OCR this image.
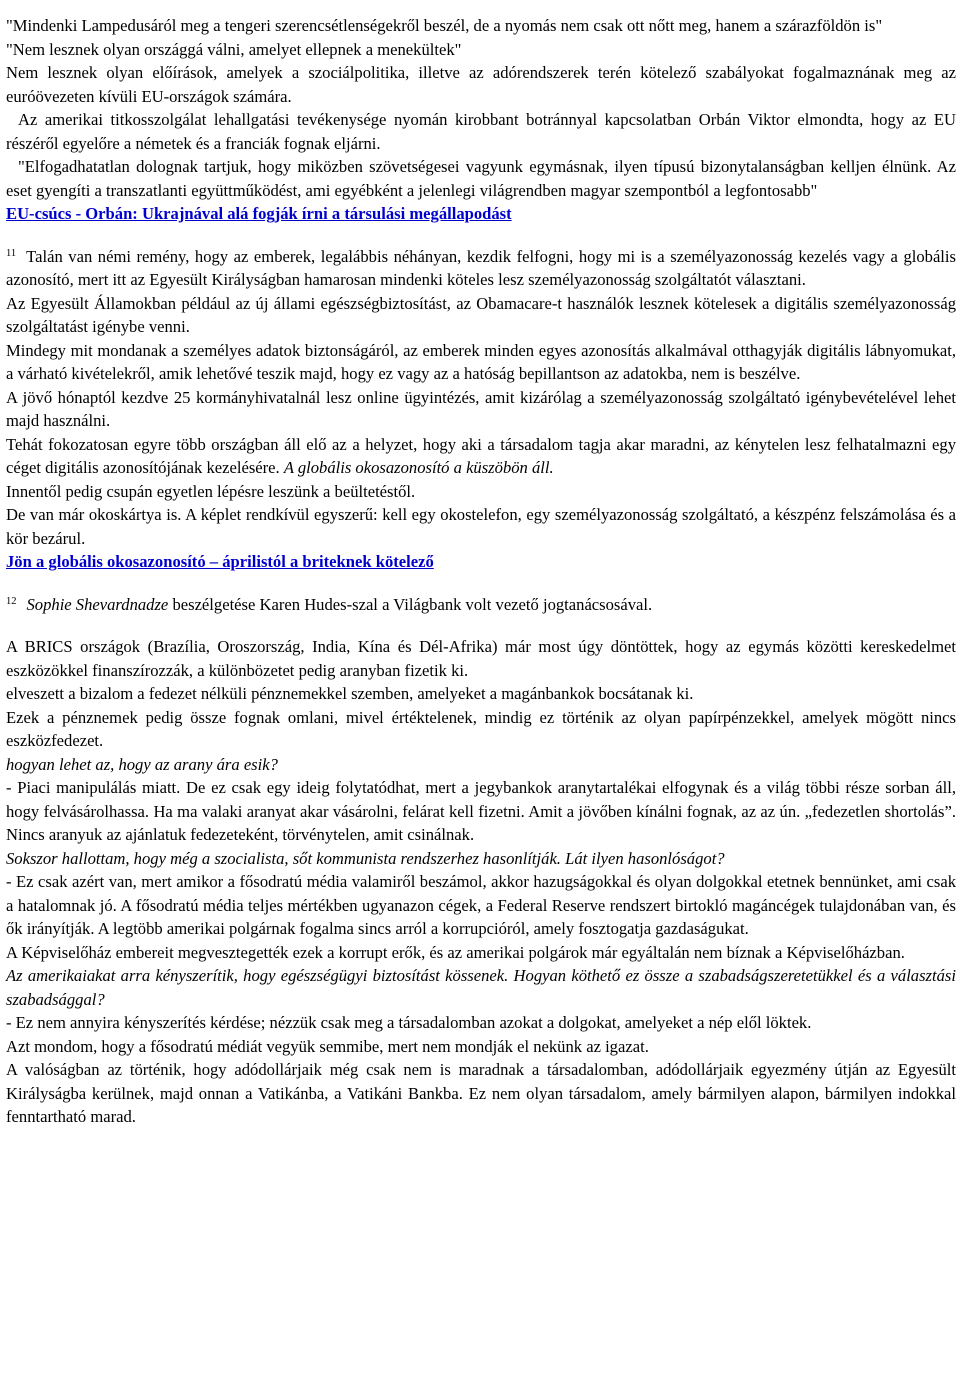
"Mindenki Lampedusáról meg a tengeri szerencsétlenségekről beszél, de a nyomás nem csak ott nőtt meg, hanem a szárazföldön is"

"Nem lesznek olyan országgá válni, amelyet ellepnek a menekültek"

Nem lesznek olyan előírások, amelyek a szociálpolitika, illetve az adórendszerek terén kötelező szabályokat fogalmaznának meg az euróövezeten kívüli EU-országok számára.

Az amerikai titkosszolgálat lehallgatási tevékenysége nyomán kirobbant botránnyal kapcsolatban Orbán Viktor elmondta, hogy az EU részéről egyelőre a németek és a franciák fognak eljárni.

"Elfogadhatatlan dolognak tartjuk, hogy miközben szövetségesei vagyunk egymásnak, ilyen típusú bizonytalanságban kelljen élnünk. Az eset gyengíti a transzatlanti együttműködést, ami egyébként a jelenlegi világrendben magyar szempontból a legfontosabb"

EU-csúcs - Orbán: Ukrajnával alá fogják írni a társulási megállapodást

$^{11}$ Talán van némi remény, hogy az emberek, legalábbis néhányan, kezdik felfogni, hogy mi is a személyazonosság kezelés vagy a globális azonosító, mert itt az Egyesült Királyságban hamarosan mindenki köteles lesz személyazonosság szolgáltatót választani.

Az Egyesült Államokban például az új állami egészségbiztosítást, az Obamacare-t használók lesznek kötelesek a digitális személyazonosság szolgáltatást igénybe venni.

Mindegy mit mondanak a személyes adatok biztonságáról, az emberek minden egyes azonosítás alkalmával otthagyják digitális lábnyomukat, a várható kivételekről, amik lehetővé teszik majd, hogy ez vagy az a hatóság bepillantson az adatokba, nem is beszélve.

A jövő hónaptól kezdve 25 kormányhivatalnál lesz online ügyintézés, amit kizárólag a személyazonosság szolgáltató igénybevételével lehet majd használni.

Tehát fokozatosan egyre több országban áll elő az a helyzet, hogy aki a társadalom tagja akar maradni, az kénytelen lesz felhatalmazni egy céget digitális azonosítójának kezelésére. A globális okosazonosító a küszöbön áll.

Innentől pedig csupán egyetlen lépésre leszünk a beültetéstől.

De van már okoskártya is. A képlet rendkívül egyszerű: kell egy okostelefon, egy személyazonosság szolgáltató, a készpénz felszámolása és a kör bezárul.

Jön a globális okosazonosító – áprilistól a briteknek kötelező

$^{12}$ Sophie Shevardnadze beszélgetése Karen Hudes-szal a Világbank volt vezető jogtanácsosával.

A BRICS országok (Brazília, Oroszország, India, Kína és Dél-Afrika) már most úgy döntöttek, hogy az egymás közötti kereskedelmet eszközökkel finanszírozzák, a különbözetet pedig aranyban fizetik ki.

elveszett a bizalom a fedezet nélküli pénznemekkel szemben, amelyeket a magánbankok bocsátanak ki.

Ezek a pénznemek pedig össze fognak omlani, mivel értéktelenek, mindig ez történik az olyan papírpénzekkel, amelyek mögött nincs eszközfedezet.

hogyan lehet az, hogy az arany ára esik?

- Piaci manipulálás miatt. De ez csak egy ideig folytatódhat, mert a jegybankok aranytartalékai elfogynak és a világ többi része sorban áll, hogy felvásárolhassa. Ha ma valaki aranyat akar vásárolni, felárat kell fizetni. Amit a jövőben kínálni fognak, az az ún. „fedezetlen shortolás”. Nincs aranyuk az ajánlatuk fedezeteként, törvénytelen, amit csinálnak.

Sokszor hallottam, hogy még a szocialista, sőt kommunista rendszerhez hasonlítják. Lát ilyen hasonlóságot?

- Ez csak azért van, mert amikor a fősodratú média valamiről beszámol, akkor hazugságokkal és olyan dolgokkal etetnek bennünket, ami csak a hatalomnak jó. A fősodratú média teljes mértékben ugyanazon cégek, a Federal Reserve rendszert birtokló magáncégek tulajdonában van, és ők irányítják. A legtöbb amerikai polgárnak fogalma sincs arról a korrupcióról, amely fosztogatja gazdaságukat.

A Képviselőház embereit megvesztegették ezek a korrupt erők, és az amerikai polgárok már egyáltalán nem bíznak a Képviselőházban.

Az amerikaiakat arra kényszerítik, hogy egészségügyi biztosítást kössenek. Hogyan köthető ez össze a szabadságszeretetükkel és a választási szabadsággal?

- Ez nem annyira kényszerítés kérdése; nézzük csak meg a társadalomban azokat a dolgokat, amelyeket a nép elől löktek.

Azt mondom, hogy a fősodratú médiát vegyük semmibe, mert nem mondják el nekünk az igazat.

A valóságban az történik, hogy adódollárjaik még csak nem is maradnak a társadalomban, adódollárjaik egyezmény útján az Egyesült Királyságba kerülnek, majd onnan a Vatikánba, a Vatikáni Bankba. Ez nem olyan társadalom, amely bármilyen alapon, bármilyen indokkal fenntartható marad.
